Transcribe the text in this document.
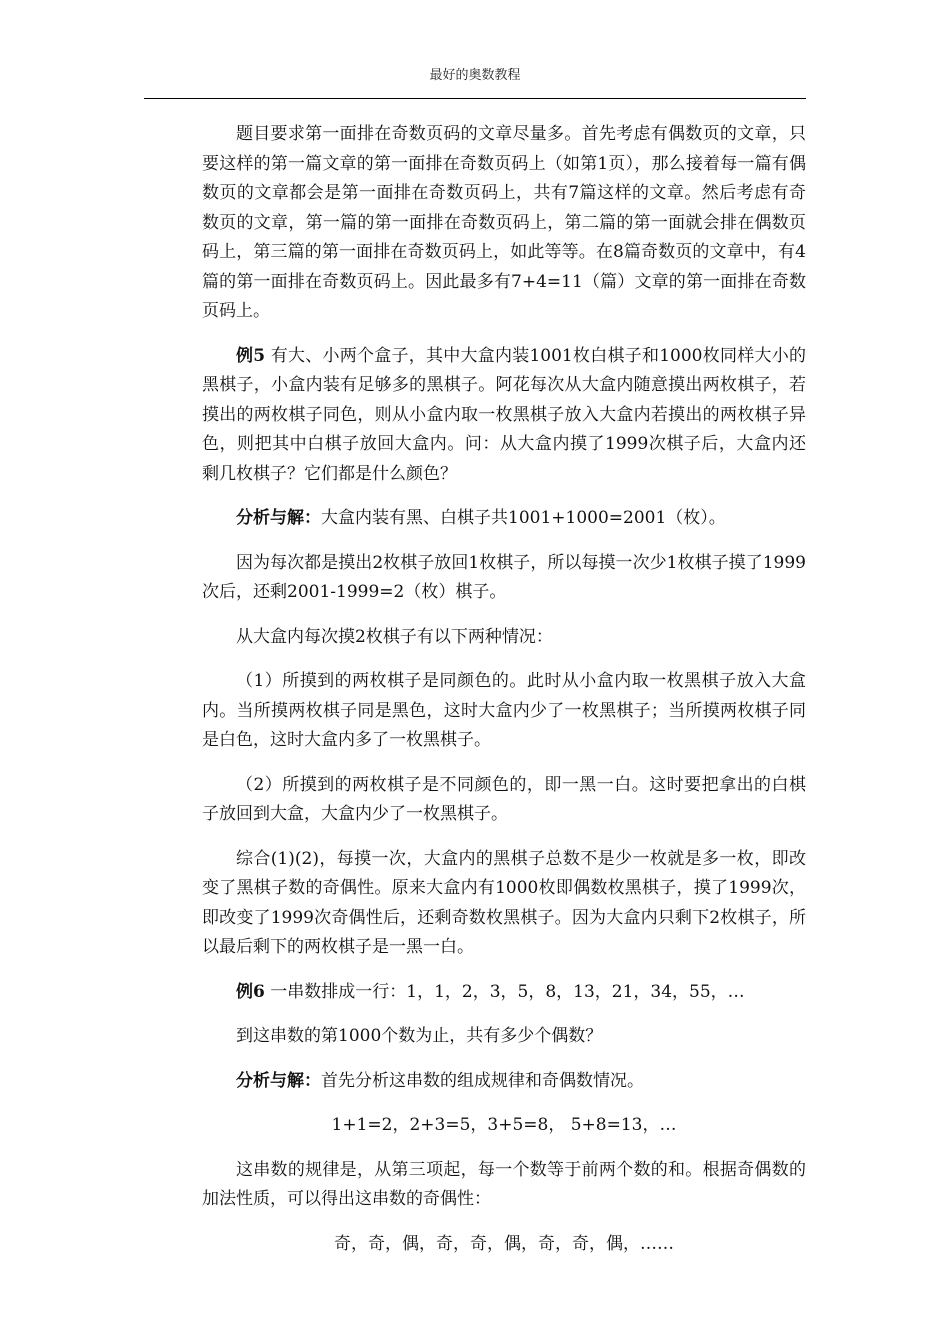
最好的奥数教程

题目要求第一面排在奇数页码的文章尽量多。首先考虑有偶数页的文章，只要这样的第一篇文章的第一面排在奇数页码上（如第1页），那么接着每一篇有偶数页的文章都会是第一面排在奇数页码上，共有7篇这样的文章。然后考虑有奇数页的文章，第一篇的第一面排在奇数页码上，第二篇的第一面就会排在偶数页码上，第三篇的第一面排在奇数页码上，如此等等。在8篇奇数页的文章中，有4篇的第一面排在奇数页码上。因此最多有7+4=11（篇）文章的第一面排在奇数页码上。

例5 有大、小两个盒子，其中大盒内装1001枚白棋子和1000枚同样大小的黑棋子，小盒内装有足够多的黑棋子。阿花每次从大盒内随意摸出两枚棋子，若摸出的两枚棋子同色，则从小盒内取一枚黑棋子放入大盒内若摸出的两枚棋子异色，则把其中白棋子放回大盒内。问：从大盒内摸了1999次棋子后，大盒内还剩几枚棋子？它们都是什么颜色？

分析与解：大盒内装有黑、白棋子共1001+1000=2001（枚）。

因为每次都是摸出2枚棋子放回1枚棋子，所以每摸一次少1枚棋子摸了1999次后，还剩2001-1999=2（枚）棋子。

从大盒内每次摸2枚棋子有以下两种情况：

（1）所摸到的两枚棋子是同颜色的。此时从小盒内取一枚黑棋子放入大盒内。当所摸两枚棋子同是黑色，这时大盒内少了一枚黑棋子；当所摸两枚棋子同是白色，这时大盒内多了一枚黑棋子。

（2）所摸到的两枚棋子是不同颜色的，即一黑一白。这时要把拿出的白棋子放回到大盒，大盒内少了一枚黑棋子。

综合(1)(2)，每摸一次，大盒内的黑棋子总数不是少一枚就是多一枚，即改变了黑棋子数的奇偶性。原来大盒内有1000枚即偶数枚黑棋子，摸了1999次，即改变了1999次奇偶性后，还剩奇数枚黑棋子。因为大盒内只剩下2枚棋子，所以最后剩下的两枚棋子是一黑一白。

例6 一串数排成一行：1，1，2，3，5，8，13，21，34，55，…

到这串数的第1000个数为止，共有多少个偶数？

分析与解：首先分析这串数的组成规律和奇偶数情况。

1+1=2，2+3=5，3+5=8， 5+8=13，…

这串数的规律是，从第三项起，每一个数等于前两个数的和。根据奇偶数的加法性质，可以得出这串数的奇偶性：

奇，奇，偶，奇，奇，偶，奇，奇，偶，……
